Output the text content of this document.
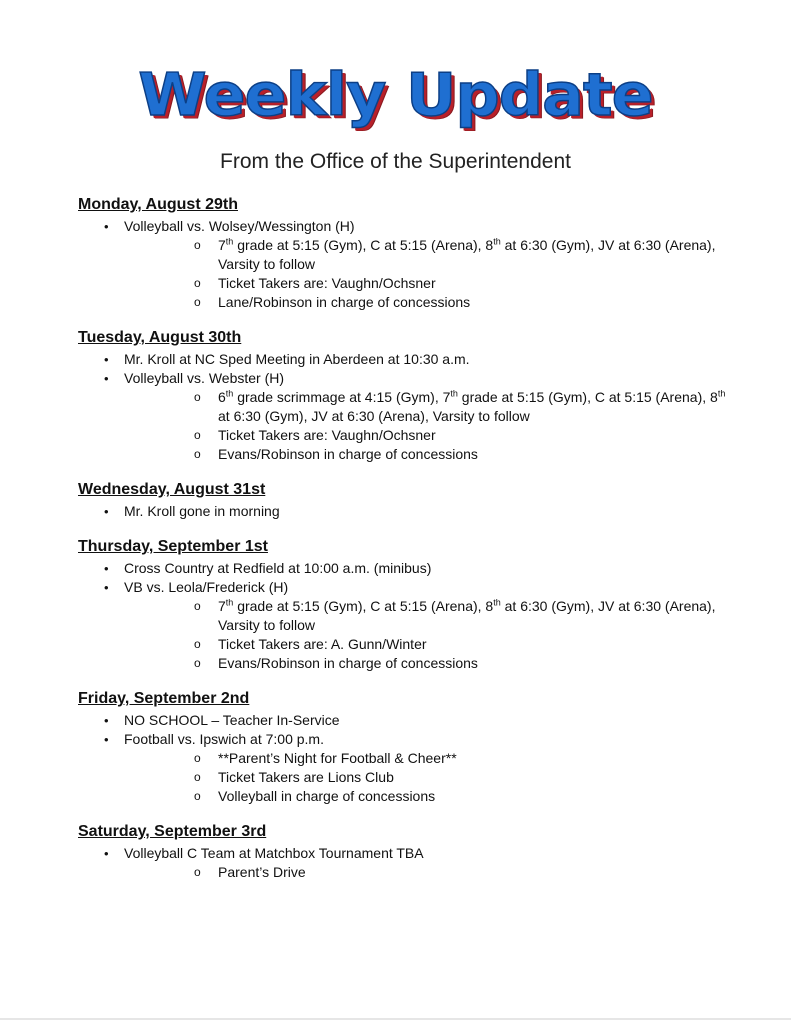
Weekly Update
From the Office of the Superintendent
Monday, August 29th
• Volleyball vs. Wolsey/Wessington (H)
o 7th grade at 5:15 (Gym), C at 5:15 (Arena), 8th at 6:30 (Gym), JV at 6:30 (Arena), Varsity to follow
o Ticket Takers are: Vaughn/Ochsner
o Lane/Robinson in charge of concessions
Tuesday, August 30th
• Mr. Kroll at NC Sped Meeting in Aberdeen at 10:30 a.m.
• Volleyball vs. Webster (H)
o 6th grade scrimmage at 4:15 (Gym), 7th grade at 5:15 (Gym), C at 5:15 (Arena), 8th at 6:30 (Gym), JV at 6:30 (Arena), Varsity to follow
o Ticket Takers are: Vaughn/Ochsner
o Evans/Robinson in charge of concessions
Wednesday, August 31st
• Mr. Kroll gone in morning
Thursday, September 1st
• Cross Country at Redfield at 10:00 a.m. (minibus)
• VB vs. Leola/Frederick (H)
o 7th grade at 5:15 (Gym), C at 5:15 (Arena), 8th at 6:30 (Gym), JV at 6:30 (Arena), Varsity to follow
o Ticket Takers are: A. Gunn/Winter
o Evans/Robinson in charge of concessions
Friday, September 2nd
• NO SCHOOL – Teacher In-Service
• Football vs. Ipswich at 7:00 p.m.
o **Parent’s Night for Football & Cheer**
o Ticket Takers are Lions Club
o Volleyball in charge of concessions
Saturday, September 3rd
• Volleyball C Team at Matchbox Tournament TBA
o Parent’s Drive
